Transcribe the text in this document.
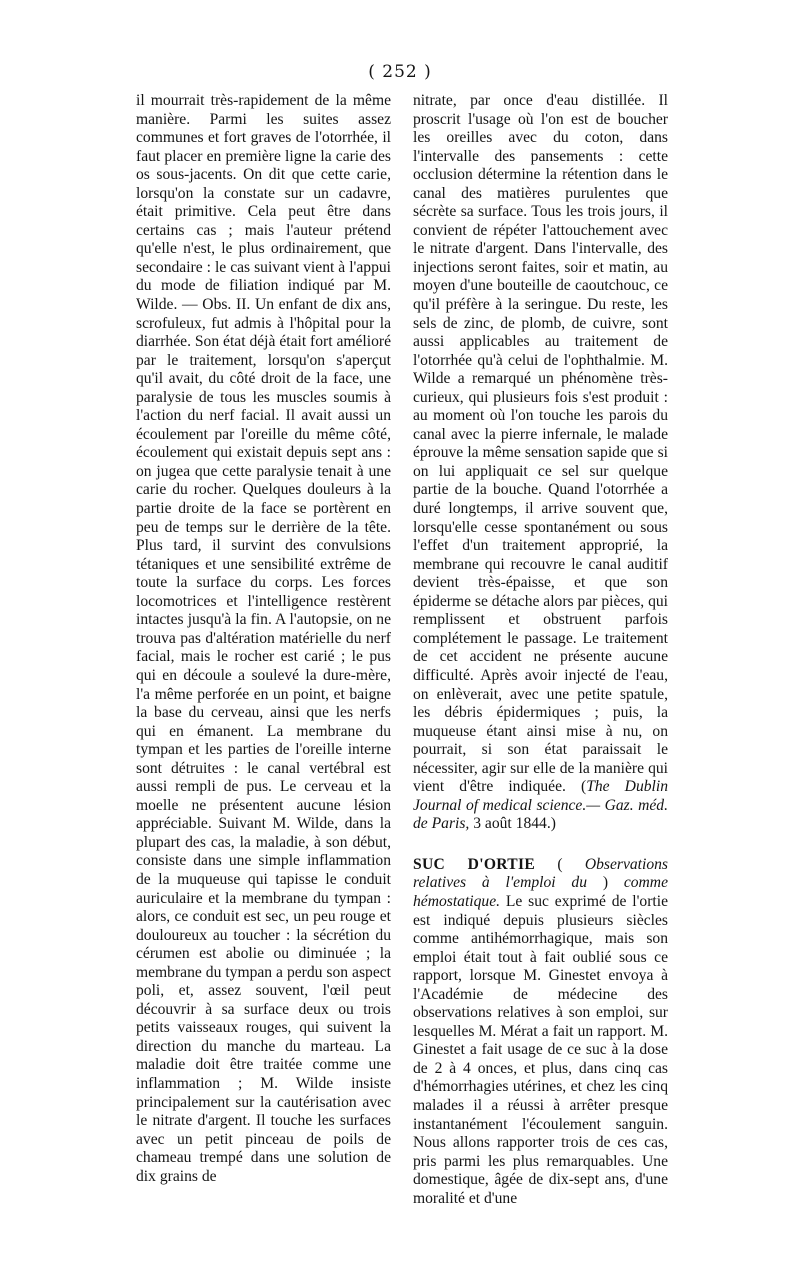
( 252 )

il mourrait très-rapidement de la même manière. Parmi les suites assez communes et fort graves de l'otorrhée, il faut placer en première ligne la carie des os sous-jacents. On dit que cette carie, lorsqu'on la constate sur un cadavre, était primitive. Cela peut être dans certains cas ; mais l'auteur prétend qu'elle n'est, le plus ordinairement, que secondaire : le cas suivant vient à l'appui du mode de filiation indiqué par M. Wilde. — Obs. II. Un enfant de dix ans, scrofuleux, fut admis à l'hôpital pour la diarrhée. Son état déjà était fort amélioré par le traitement, lorsqu'on s'aperçut qu'il avait, du côté droit de la face, une paralysie de tous les muscles soumis à l'action du nerf facial. Il avait aussi un écoulement par l'oreille du même côté, écoulement qui existait depuis sept ans : on jugea que cette paralysie tenait à une carie du rocher. Quelques douleurs à la partie droite de la face se portèrent en peu de temps sur le derrière de la tête. Plus tard, il survint des convulsions tétaniques et une sensibilité extrême de toute la surface du corps. Les forces locomotrices et l'intelligence restèrent intactes jusqu'à la fin. A l'autopsie, on ne trouva pas d'altération matérielle du nerf facial, mais le rocher est carié ; le pus qui en découle a soulevé la dure-mère, l'a même perforée en un point, et baigne la base du cerveau, ainsi que les nerfs qui en émanent. La membrane du tympan et les parties de l'oreille interne sont détruites : le canal vertébral est aussi rempli de pus. Le cerveau et la moelle ne présentent aucune lésion appréciable. Suivant M. Wilde, dans la plupart des cas, la maladie, à son début, consiste dans une simple inflammation de la muqueuse qui tapisse le conduit auriculaire et la membrane du tympan : alors, ce conduit est sec, un peu rouge et douloureux au toucher : la sécrétion du cérumen est abolie ou diminuée ; la membrane du tympan a perdu son aspect poli, et, assez souvent, l'œil peut découvrir à sa surface deux ou trois petits vaisseaux rouges, qui suivent la direction du manche du marteau. La maladie doit être traitée comme une inflammation ; M. Wilde insiste principalement sur la cautérisation avec le nitrate d'argent. Il touche les surfaces avec un petit pinceau de poils de chameau trempé dans une solution de dix grains de

nitrate, par once d'eau distillée. Il proscrit l'usage où l'on est de boucher les oreilles avec du coton, dans l'intervalle des pansements : cette occlusion détermine la rétention dans le canal des matières purulentes que sécrète sa surface. Tous les trois jours, il convient de répéter l'attouchement avec le nitrate d'argent. Dans l'intervalle, des injections seront faites, soir et matin, au moyen d'une bouteille de caoutchouc, ce qu'il préfère à la seringue. Du reste, les sels de zinc, de plomb, de cuivre, sont aussi applicables au traitement de l'otorrhée qu'à celui de l'ophthalmie. M. Wilde a remarqué un phénomène très-curieux, qui plusieurs fois s'est produit : au moment où l'on touche les parois du canal avec la pierre infernale, le malade éprouve la même sensation sapide que si on lui appliquait ce sel sur quelque partie de la bouche. Quand l'otorrhée a duré longtemps, il arrive souvent que, lorsqu'elle cesse spontanément ou sous l'effet d'un traitement approprié, la membrane qui recouvre le canal auditif devient très-épaisse, et que son épiderme se détache alors par pièces, qui remplissent et obstruent parfois complétement le passage. Le traitement de cet accident ne présente aucune difficulté. Après avoir injecté de l'eau, on enlèverait, avec une petite spatule, les débris épidermiques ; puis, la muqueuse étant ainsi mise à nu, on pourrait, si son état paraissait le nécessiter, agir sur elle de la manière qui vient d'être indiquée. (The Dublin Journal of medical science.— Gaz. méd. de Paris, 3 août 1844.)

SUC D'ORTIE ( Observations relatives à l'emploi du ) comme hémostatique. Le suc exprimé de l'ortie est indiqué depuis plusieurs siècles comme antihémorrhagique, mais son emploi était tout à fait oublié sous ce rapport, lorsque M. Ginestet envoya à l'Académie de médecine des observations relatives à son emploi, sur lesquelles M. Mérat a fait un rapport. M. Ginestet a fait usage de ce suc à la dose de 2 à 4 onces, et plus, dans cinq cas d'hémorrhagies utérines, et chez les cinq malades il a réussi à arrêter presque instantanément l'écoulement sanguin. Nous allons rapporter trois de ces cas, pris parmi les plus remarquables. Une domestique, âgée de dix-sept ans, d'une moralité et d'une
